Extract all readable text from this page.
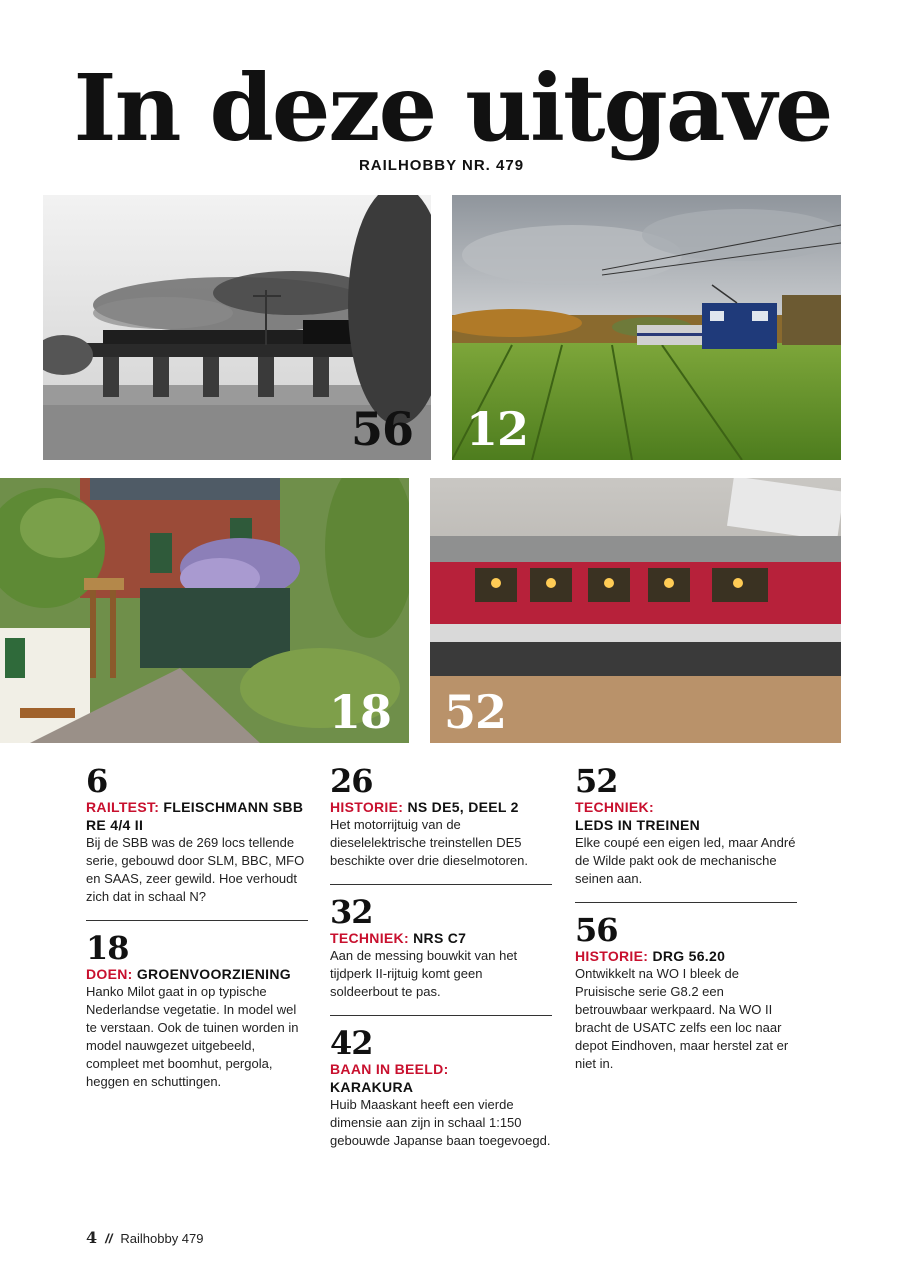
In deze uitgave
RAILHOBBY NR. 479
56 12
18 52
6
RAILTEST: FLEISCHMANN SBB RE 4/4 II
Bij de SBB was de 269 locs tellende serie, gebouwd door SLM, BBC, MFO en SAAS, zeer gewild. Hoe verhoudt zich dat in schaal N?
18
DOEN: GROENVOORZIENING
Hanko Milot gaat in op typische Nederlandse vegetatie. In model wel te verstaan. Ook de tuinen worden in model nauwgezet uitgebeeld, compleet met boomhut, pergola, heggen en schuttingen.
26
HISTORIE: NS DE5, DEEL 2
Het motorrijtuig van de dieselelektrische treinstellen DE5 beschikte over drie dieselmotoren.
32
TECHNIEK: NRS C7
Aan de messing bouwkit van het tijdperk II-rijtuig komt geen soldeerbout te pas.
42
BAAN IN BEELD:
KARAKURA
Huib Maaskant heeft een vierde dimensie aan zijn in schaal 1:150 gebouwde Japanse baan toegevoegd.
52
TECHNIEK:
LEDS IN TREINEN
Elke coupé een eigen led, maar André de Wilde pakt ook de mechanische seinen aan.
56
HISTORIE: DRG 56.20
Ontwikkelt na WO I bleek de Pruisische serie G8.2 een betrouwbaar werkpaard. Na WO II bracht de USATC zelfs een loc naar depot Eindhoven, maar herstel zat er niet in.
4 // Railhobby 479
